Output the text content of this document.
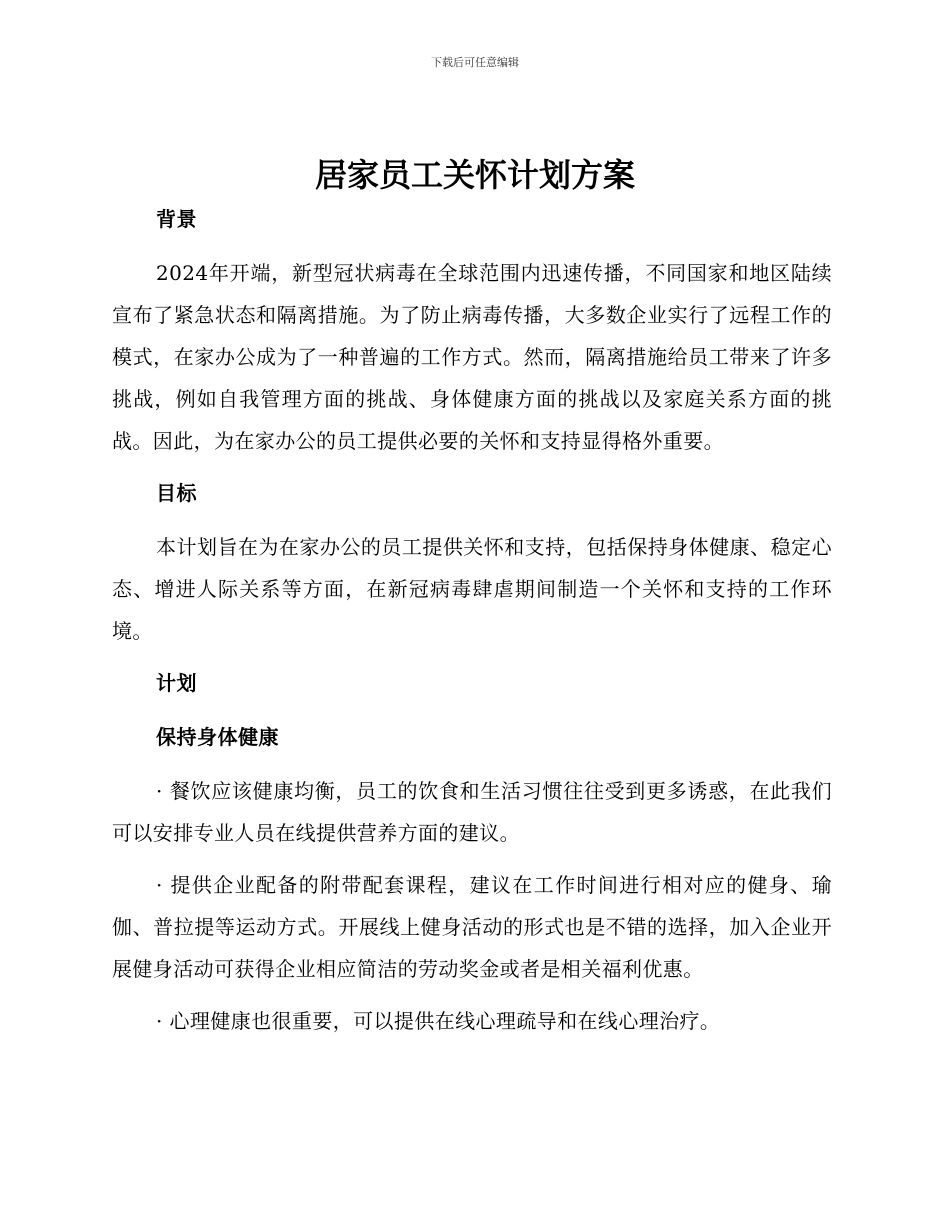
下载后可任意编辑
居家员工关怀计划方案

背景

2024年开端，新型冠状病毒在全球范围内迅速传播，不同国家和地区陆续宣布了紧急状态和隔离措施。为了防止病毒传播，大多数企业实行了远程工作的模式，在家办公成为了一种普遍的工作方式。然而，隔离措施给员工带来了许多挑战，例如自我管理方面的挑战、身体健康方面的挑战以及家庭关系方面的挑战。因此，为在家办公的员工提供必要的关怀和支持显得格外重要。

目标

本计划旨在为在家办公的员工提供关怀和支持，包括保持身体健康、稳定心态、增进人际关系等方面，在新冠病毒肆虐期间制造一个关怀和支持的工作环境。

计划

保持身体健康

· 餐饮应该健康均衡，员工的饮食和生活习惯往往受到更多诱惑，在此我们可以安排专业人员在线提供营养方面的建议。

· 提供企业配备的附带配套课程，建议在工作时间进行相对应的健身、瑜伽、普拉提等运动方式。开展线上健身活动的形式也是不错的选择，加入企业开展健身活动可获得企业相应简洁的劳动奖金或者是相关福利优惠。

· 心理健康也很重要，可以提供在线心理疏导和在线心理治疗。
